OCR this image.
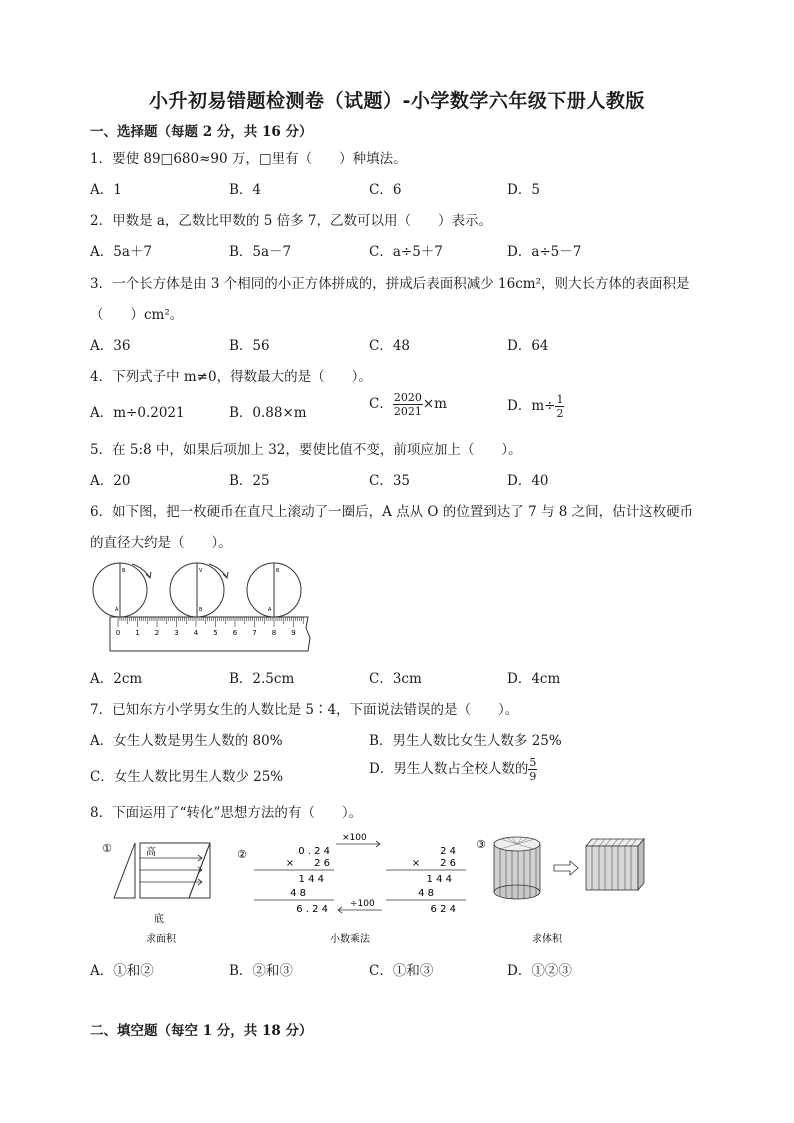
小升初易错题检测卷（试题）-小学数学六年级下册人教版
一、选择题（每题 2 分，共 16 分）
1．要使 89□680≈90 万，□里有（　　）种填法。
A．1	B．4	C．6	D．5
2．甲数是 a，乙数比甲数的 5 倍多 7，乙数可以用（　　）表示。
A．5a＋7	B．5a－7	C．a÷5＋7	D．a÷5－7
3．一个长方体是由 3 个相同的小正方体拼成的，拼成后表面积减少 16cm²，则大长方体的表面积是
（　　）cm²。
A．36	B．56	C．48	D．64
4．下列式子中 m≠0，得数最大的是（　　）。
A．m÷0.2021	B．0.88×m
C． $\frac{2020}{2021} \times m$	D．$m\div \frac{1}{2}$
5．在 5:8 中，如果后项加上 32，要使比值不变，前项应加上（　　）。
A．20	B．25	C．35	D．40
6．如下图，把一枚硬币在直尺上滚动了一圈后，A 点从 O 的位置到达了 7 与 8 之间，估计这枚硬币
的直径大约是（　　）。
B
A
V
B
B
A
0 1 2 3 4 5 6 7 8 9
A．2cm	B．2.5cm	C．3cm	D．4cm
7．已知东方小学男女生的人数比是 5∶4，下面说法错误的是（　　）。
A．女生人数是男生人数的 80%	B．男生人数比女生人数多 25%
C．女生人数比男生人数少 25%	D．男生人数占全校人数的 $\frac{5}{9}$
8．下面运用了“转化”思想方法的有（　　）。
①	高
底
求面积
②	0 . 2 4
×　　2 6
1 4 4
4 8
6 . 2 4
×100
÷100
2 4
×　　2 6
1 4 4
4 8
6 2 4
小数乘法
③
求体积
A．①和②	B．②和③	C．①和③	D．①②③
二、填空题（每空 1 分，共 18 分）
